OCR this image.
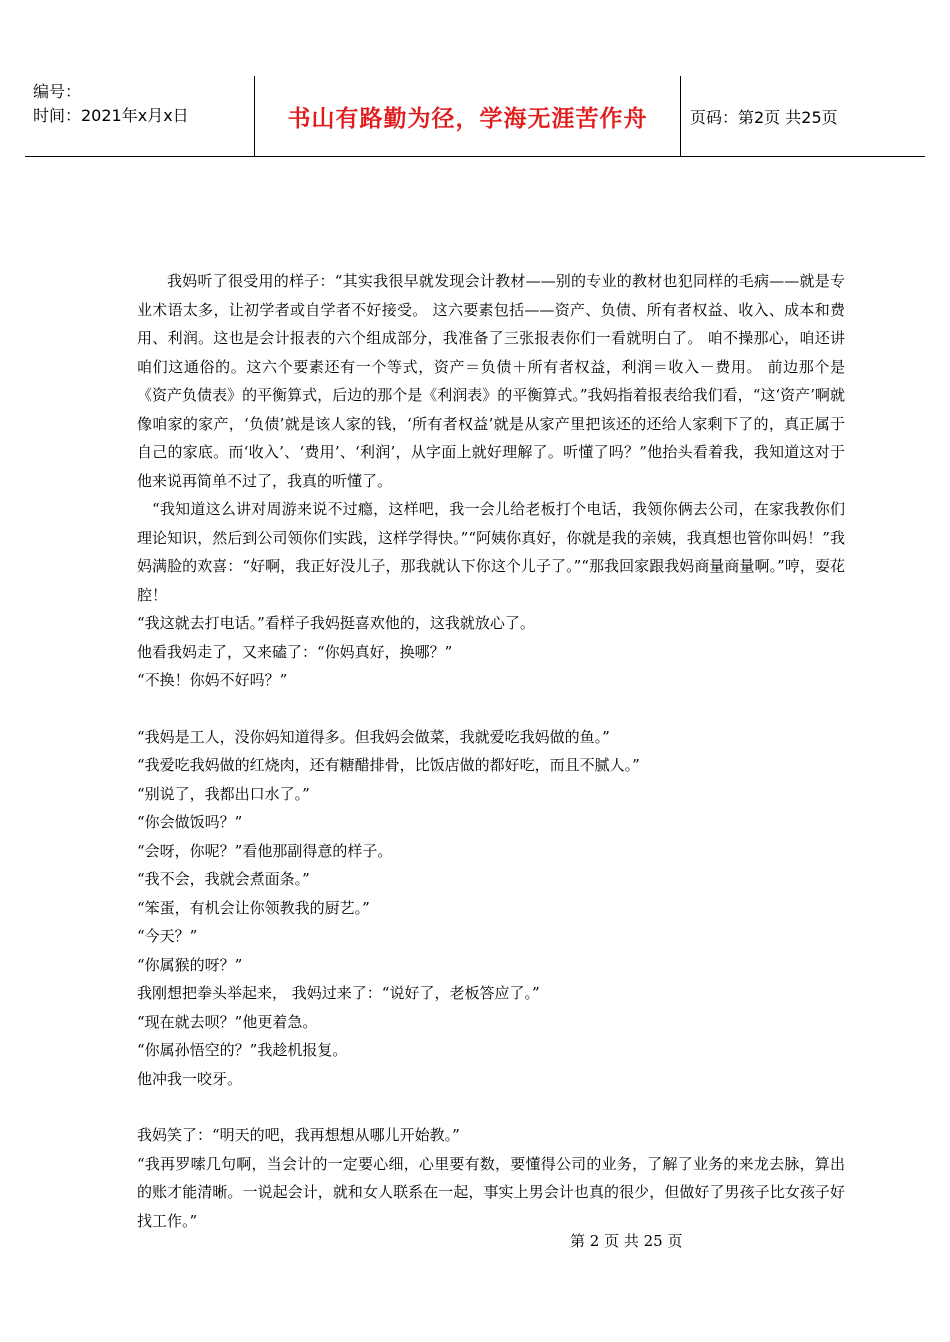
编号：
时间：2021年x月x日	书山有路勤为径，学海无涯苦作舟	页码：第2页 共25页

我妈听了很受用的样子：“其实我很早就发现会计教材——别的专业的教材也犯同样的毛病——就是专业术语太多，让初学者或自学者不好接受。 这六要素包括——资产、负债、所有者权益、收入、成本和费用、利润。这也是会计报表的六个组成部分，我准备了三张报表你们一看就明白了。 咱不操那心，咱还讲咱们这通俗的。这六个要素还有一个等式，资产＝负债＋所有者权益，利润＝收入－费用。 前边那个是《资产负债表》的平衡算式，后边的那个是《利润表》的平衡算式。”我妈指着报表给我们看，“这‘资产’啊就像咱家的家产，‘负债’就是该人家的钱，‘所有者权益’就是从家产里把该还的还给人家剩下了的，真正属于自己的家底。而‘收入’、‘费用’、‘利润’，从字面上就好理解了。听懂了吗？”他抬头看着我，我知道这对于他来说再简单不过了，我真的听懂了。

“我知道这么讲对周游来说不过瘾，这样吧，我一会儿给老板打个电话，我领你俩去公司，在家我教你们理论知识，然后到公司领你们实践，这样学得快。”“阿姨你真好，你就是我的亲姨，我真想也管你叫妈！”我妈满脸的欢喜：“好啊，我正好没儿子，那我就认下你这个儿子了。”“那我回家跟我妈商量商量啊。”哼，耍花腔！

“我这就去打电话。”看样子我妈挺喜欢他的，这我就放心了。

他看我妈走了，又来磕了：“你妈真好，换哪？”

“不换！你妈不好吗？”

“我妈是工人，没你妈知道得多。但我妈会做菜，我就爱吃我妈做的鱼。”

“我爱吃我妈做的红烧肉，还有糖醋排骨，比饭店做的都好吃，而且不腻人。”

“别说了，我都出口水了。”

“你会做饭吗？”

“会呀，你呢？”看他那副得意的样子。

“我不会，我就会煮面条。”

“笨蛋，有机会让你领教我的厨艺。”

“今天？”

“你属猴的呀？”

我刚想把拳头举起来， 我妈过来了：“说好了，老板答应了。”

“现在就去呗？”他更着急。

“你属孙悟空的？”我趁机报复。

他冲我一咬牙。

我妈笑了：“明天的吧，我再想想从哪儿开始教。”

“我再罗嗦几句啊，当会计的一定要心细，心里要有数，要懂得公司的业务，了解了业务的来龙去脉，算出的账才能清晰。一说起会计，就和女人联系在一起，事实上男会计也真的很少，但做好了男孩子比女孩子好找工作。”

第 2 页 共 25 页
